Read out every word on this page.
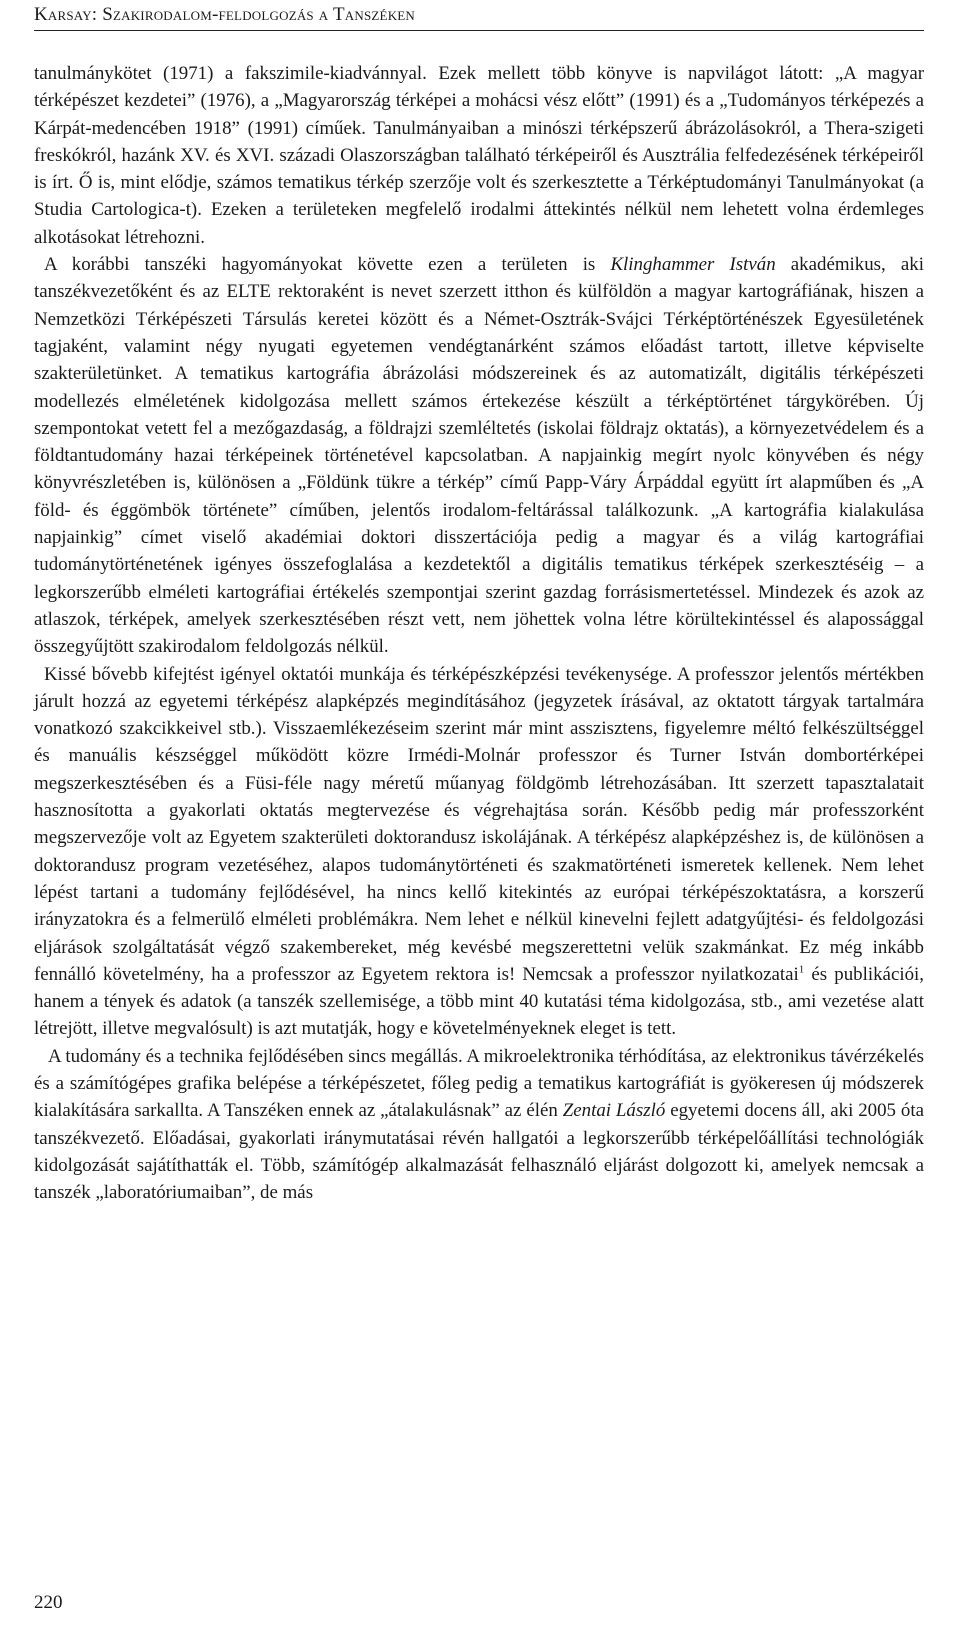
Karsay: Szakirodalom-feldolgozás a Tanszéken

tanulmánykötet (1971) a fakszimile-kiadvánnyal. Ezek mellett több könyve is napvilágot látott: „A magyar térképészet kezdetei” (1976), a „Magyarország térképei a mohácsi vész előtt” (1991) és a „Tudományos térképezés a Kárpát-medencében 1918” (1991) címűek. Tanulmányaiban a minószi térképszerű ábrázolásokról, a Thera-szigeti freskókról, hazánk XV. és XVI. századi Olaszországban található térképeiről és Ausztrália felfedezésének térképeiről is írt. Ő is, mint elődje, számos tematikus térkép szerzője volt és szerkesztette a Térképtudományi Tanulmányokat (a Studia Cartologica-t). Ezeken a területeken megfelelő irodalmi áttekintés nélkül nem lehetett volna érdemleges alkotásokat létrehozni.

A korábbi tanszéki hagyományokat követte ezen a területen is Klinghammer István akadémikus, aki tanszékvezetőként és az ELTE rektoraként is nevet szerzett itthon és külföldön a magyar kartográfiának, hiszen a Nemzetközi Térképészeti Társulás keretei között és a Német-Osztrák-Svájci Térképtörténészek Egyesületének tagjaként, valamint négy nyugati egyetemen vendégtanárként számos előadást tartott, illetve képviselte szakterületünket. A tematikus kartográfia ábrázolási módszereinek és az automatizált, digitális térképészeti modellezés elméletének kidolgozása mellett számos értekezése készült a térképtörténet tárgykörében. Új szempontokat vetett fel a mezőgazdaság, a földrajzi szemléltetés (iskolai földrajz oktatás), a környezetvédelem és a földtantudomány hazai térképeinek történetével kapcsolatban. A napjainkig megírt nyolc könyvében és négy könyvrészletében is, különösen a „Földünk tükre a térkép” című Papp-Váry Árpáddal együtt írt alapműben és „A föld- és éggömbök története” címűben, jelentős irodalom-feltárással találkozunk. „A kartográfia kialakulása napjainkig” címet viselő akadémiai doktori disszertációja pedig a magyar és a világ kartográfiai tudománytörténetének igényes összefoglalása a kezdetektől a digitális tematikus térképek szerkesztéséig – a legkorszerűbb elméleti kartográfiai értékelés szempontjai szerint gazdag forrásismertetéssel. Mindezek és azok az atlaszok, térképek, amelyek szerkesztésében részt vett, nem jöhettek volna létre körültekintéssel és alapossággal összegyűjtött szakirodalom feldolgozás nélkül.

Kissé bővebb kifejtést igényel oktatói munkája és térképészképzési tevékenysége. A professzor jelentős mértékben járult hozzá az egyetemi térképész alapképzés megindításához (jegyzetek írásával, az oktatott tárgyak tartalmára vonatkozó szakcikkeivel stb.). Visszaemlékezéseim szerint már mint asszisztens, figyelemre méltó felkészültséggel és manuális készséggel működött közre Irmédi-Molnár professzor és Turner István dombortérképei megszerkesztésében és a Füsi-féle nagy méretű műanyag földgömb létrehozásában. Itt szerzett tapasztalatait hasznosította a gyakorlati oktatás megtervezése és végrehajtása során. Később pedig már professzorként megszervezője volt az Egyetem szakterületi doktorandusz iskolájának. A térképész alapképzéshez is, de különösen a doktorandusz program vezetéséhez, alapos tudománytörténeti és szakmatörténeti ismeretek kellenek. Nem lehet lépést tartani a tudomány fejlődésével, ha nincs kellő kitekintés az európai térképészoktatásra, a korszerű irányzatokra és a felmerülő elméleti problémákra. Nem lehet e nélkül kinevelni fejlett adatgyűjtési- és feldolgozási eljárások szolgáltatását végző szakembereket, még kevésbé megszerettetni velük szakmánkat. Ez még inkább fennálló követelmény, ha a professzor az Egyetem rektora is! Nemcsak a professzor nyilatkozatai$^1$ és publikációi, hanem a tények és adatok (a tanszék szellemisége, a több mint 40 kutatási téma kidolgozása, stb., ami vezetése alatt létrejött, illetve megvalósult) is azt mutatják, hogy e követelményeknek eleget is tett.

A tudomány és a technika fejlődésében sincs megállás. A mikroelektronika térhódítása, az elektronikus távérzékelés és a számítógépes grafika belépése a térképészetet, főleg pedig a tematikus kartográfiát is gyökeresen új módszerek kialakítására sarkallta. A Tanszéken ennek az „átalakulásnak” az élén Zentai László egyetemi docens áll, aki 2005 óta tanszékvezető. Előadásai, gyakorlati iránymutatásai révén hallgatói a legkorszerűbb térképelőállítási technológiák kidolgozását sajátíthatták el. Több, számítógép alkalmazását felhasználó eljárást dolgozott ki, amelyek nemcsak a tanszék „laboratóriumaiban”, de más

220
